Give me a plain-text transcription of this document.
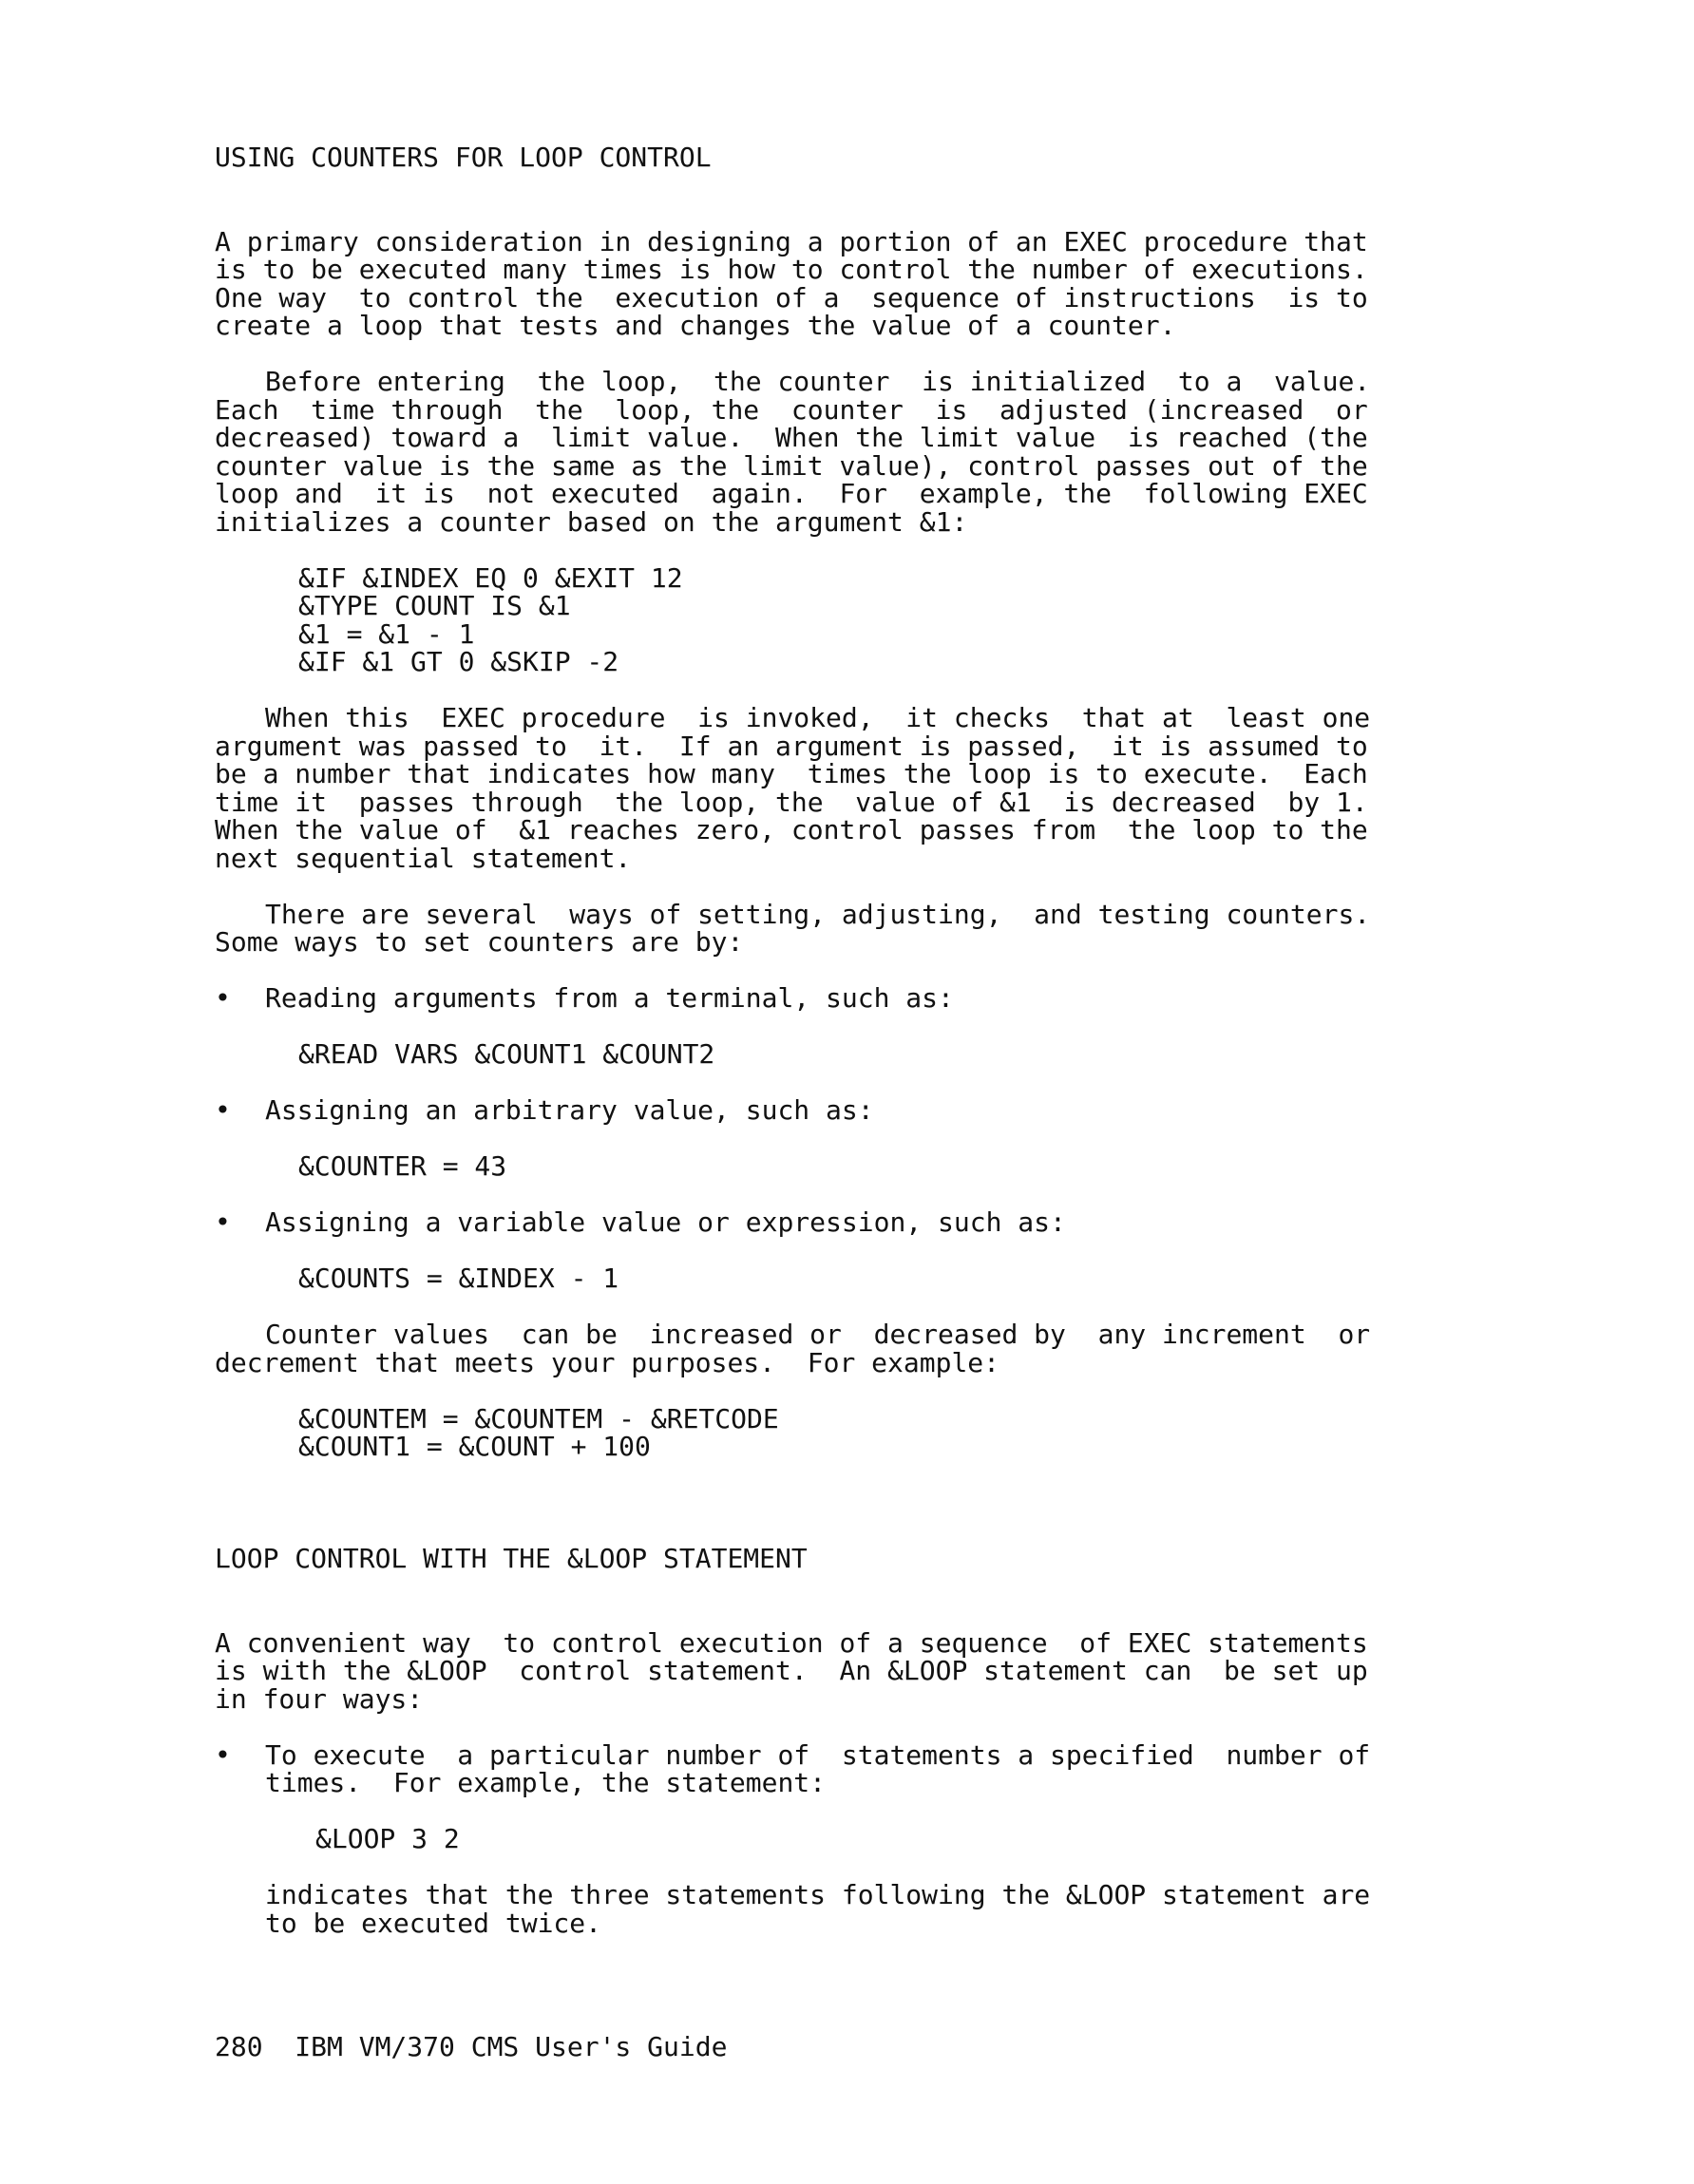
USING COUNTERS FOR LOOP CONTROL

A primary consideration in designing a portion of an EXEC procedure that
is to be executed many times is how to control the number of executions.
One way  to control the  execution of a  sequence of instructions  is to
create a loop that tests and changes the value of a counter.

Before entering  the loop,  the counter  is initialized  to a  value.
Each  time through  the  loop, the  counter  is  adjusted (increased  or
decreased) toward a  limit value.  When the limit value  is reached (the
counter value is the same as the limit value), control passes out of the
loop and  it is  not executed  again.  For  example, the  following EXEC
initializes a counter based on the argument &1:

&IF &INDEX EQ 0 &EXIT 12
&TYPE COUNT IS &1
&1 = &1 - 1
&IF &1 GT 0 &SKIP -2

When this  EXEC procedure  is invoked,  it checks  that at  least one
argument was passed to  it.  If an argument is passed,  it is assumed to
be a number that indicates how many  times the loop is to execute.  Each
time it  passes through  the loop, the  value of &1  is decreased  by 1.
When the value of  &1 reaches zero, control passes from  the loop to the
next sequential statement.

There are several  ways of setting, adjusting,  and testing counters.
Some ways to set counters are by:

• Reading arguments from a terminal, such as:
&READ VARS &COUNT1 &COUNT2
• Assigning an arbitrary value, such as:
&COUNTER = 43
• Assigning a variable value or expression, such as:
&COUNTS = &INDEX - 1

Counter values  can be  increased or  decreased by  any increment  or
decrement that meets your purposes.  For example:

&COUNTEM = &COUNTEM - &RETCODE
&COUNT1 = &COUNT + 100
LOOP CONTROL WITH THE &LOOP STATEMENT

A convenient way  to control execution of a sequence  of EXEC statements
is with the &LOOP  control statement.  An &LOOP statement can  be set up
in four ways:

• To execute  a particular number of  statements a specified  number of
times.  For example, the statement:
&LOOP 3 2
indicates that the three statements following the &LOOP statement are
to be executed twice.
280  IBM VM/370 CMS User's Guide
